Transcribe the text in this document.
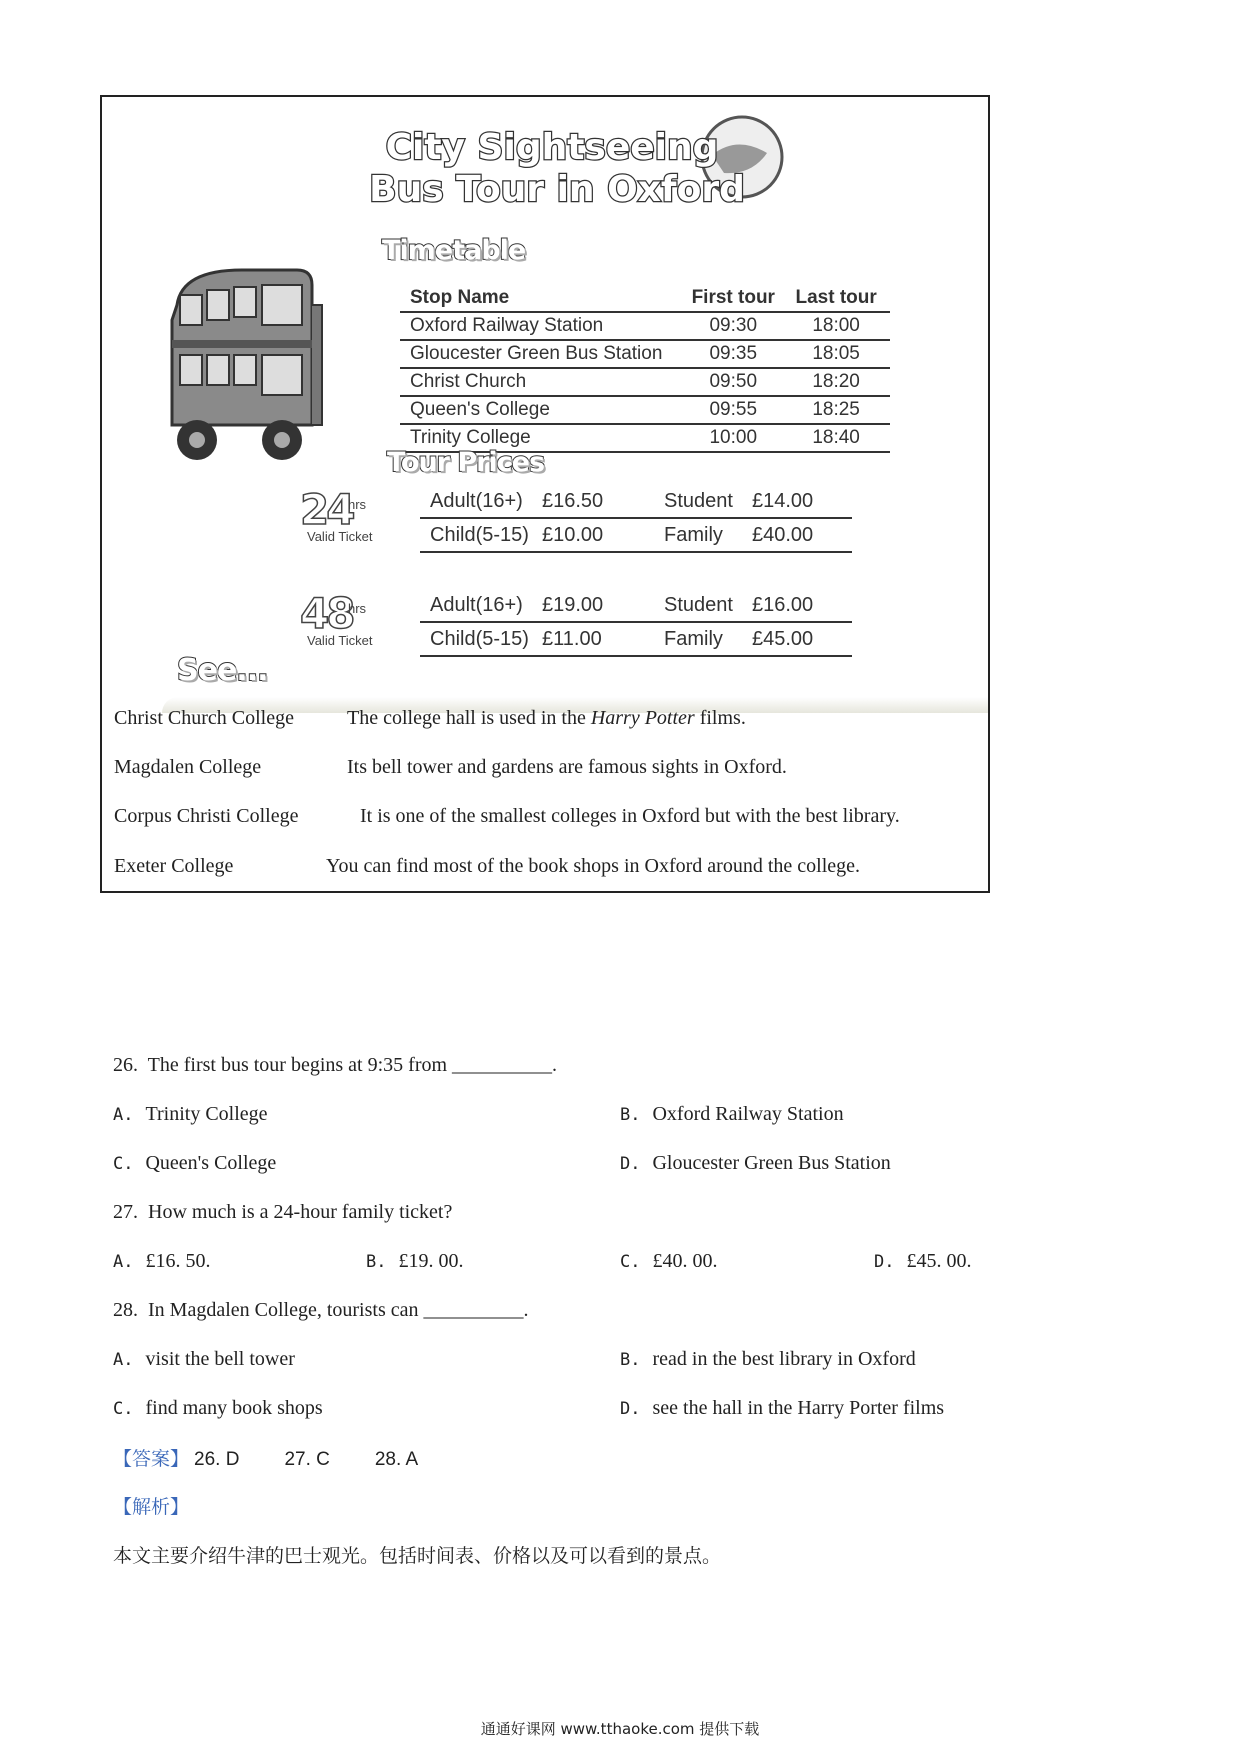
City Sightseeing
Bus Tour in Oxford
Timetable
Stop Name	First tour	Last tour
Oxford Railway Station	09:30	18:00
Gloucester Green Bus Station	09:35	18:05
Christ Church	09:50	18:20
Queen's College	09:55	18:25
Trinity College	10:00	18:40
Tour Prices
24
hrs
Valid Ticket
Adult(16+) £16.50	Student £14.00
Child(5-15) £10.00	Family	£40.00
48
hrs
Valid Ticket
Adult(16+) £19.00	Student £16.00
Child(5-15) £11.00	Family	£45.00
See...
Christ Church College	The college hall is used in the Harry Potter films.
Magdalen College	Its bell tower and gardens are famous sights in Oxford.
Corpus Christi College	It is one of the smallest colleges in Oxford but with the best library.
Exeter College	You can find most of the book shops in Oxford around the college.
26. The first bus tour begins at 9:35 from __________.
A. Trinity College	B. Oxford Railway Station
C. Queen's College	D. Gloucester Green Bus Station
27. How much is a 24-hour family ticket?
A. £16. 50.	B. £19. 00.	C. £40. 00.	D. £45. 00.
28. In Magdalen College, tourists can __________.
A. visit the bell tower	B. read in the best library in Oxford
C. find many book shops	D. see the hall in the Harry Porter films
【答案】 26. D 27. C 28. A
【解析】
本文主要介绍牛津的巴士观光。包括时间表、价格以及可以看到的景点。
通通好课网 www.tthaoke.com 提供下载
